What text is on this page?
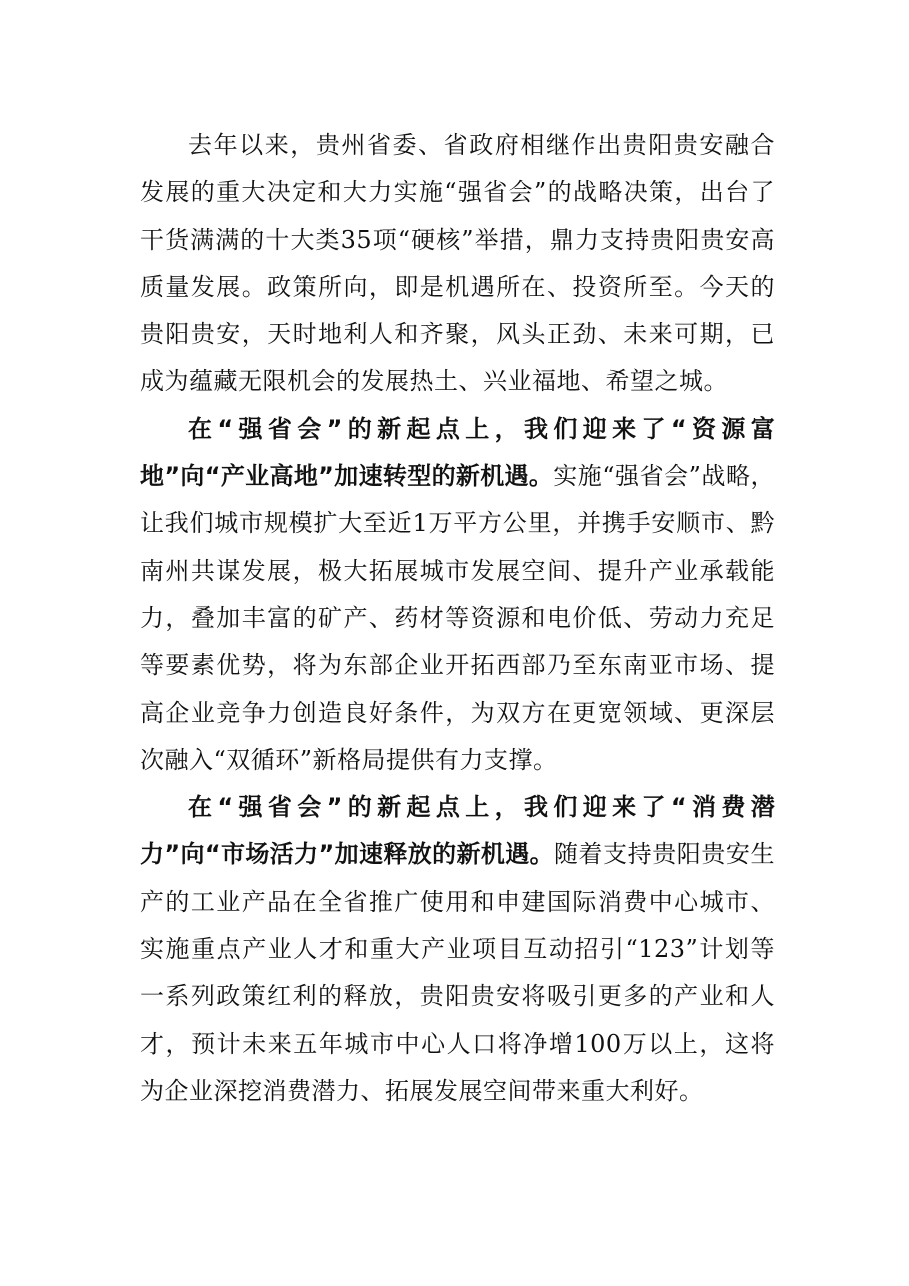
去年以来，贵州省委、省政府相继作出贵阳贵安融合发展的重大决定和大力实施“强省会”的战略决策，出台了干货满满的十大类35项“硬核”举措，鼎力支持贵阳贵安高质量发展。政策所向，即是机遇所在、投资所至。今天的贵阳贵安，天时地利人和齐聚，风头正劲、未来可期，已成为蕴藏无限机会的发展热土、兴业福地、希望之城。

在“强省会”的新起点上，我们迎来了“资源富地”向“产业高地”加速转型的新机遇。实施“强省会”战略，让我们城市规模扩大至近1万平方公里，并携手安顺市、黔南州共谋发展，极大拓展城市发展空间、提升产业承载能力，叠加丰富的矿产、药材等资源和电价低、劳动力充足等要素优势，将为东部企业开拓西部乃至东南亚市场、提高企业竞争力创造良好条件，为双方在更宽领域、更深层次融入“双循环”新格局提供有力支撑。

在“强省会”的新起点上，我们迎来了“消费潜力”向“市场活力”加速释放的新机遇。随着支持贵阳贵安生产的工业产品在全省推广使用和申建国际消费中心城市、实施重点产业人才和重大产业项目互动招引“123”计划等一系列政策红利的释放，贵阳贵安将吸引更多的产业和人才，预计未来五年城市中心人口将净增100万以上，这将为企业深挖消费潜力、拓展发展空间带来重大利好。
